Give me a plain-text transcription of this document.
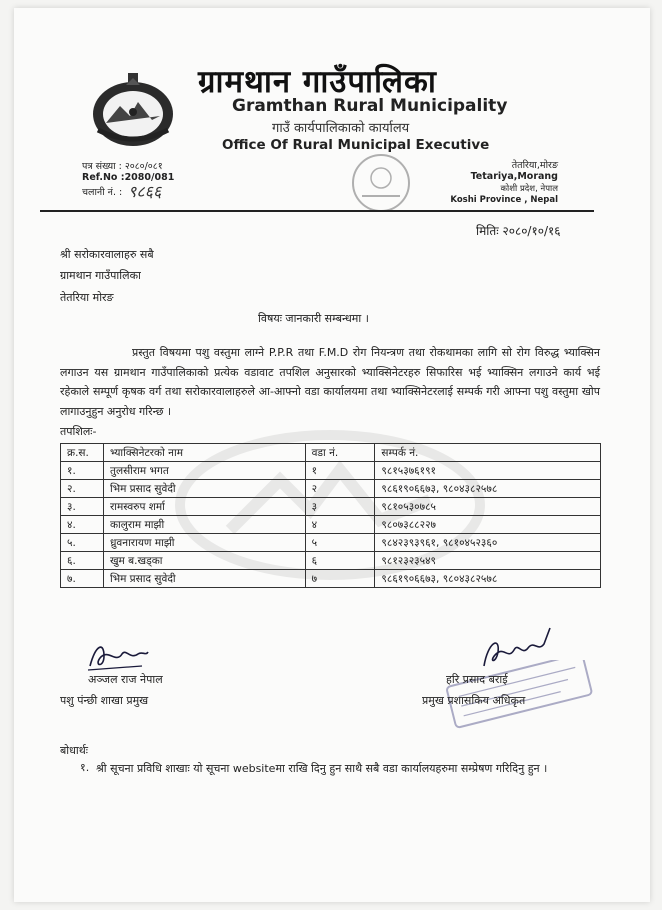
ग्रामथान गाउँपालिका
Gramthan Rural Municipality
गाउँ कार्यपालिकाको कार्यालय
Office Of Rural Municipal Executive
पत्र संख्या : २०८०/०८१
Ref.No :2080/081
चलानी नं. : ९८६६
तेतरिया,मोरङ
Tetariya,Morang
कोशी प्रदेश, नेपाल
Koshi Province , Nepal
मितिः २०८०/१०/१६
श्री सरोकारवालाहरु सबै
ग्रामथान गाउँपालिका
तेतरिया मोरङ
विषयः जानकारी सम्बन्धमा ।

प्रस्तुत विषयमा पशु वस्तुमा लाग्ने P.P.R तथा F.M.D रोग नियन्त्रण तथा रोकथामका लागि सो रोग विरुद्ध भ्याक्सिन लगाउन यस ग्रामथान गाउँपालिकाको प्रत्येक वडावाट तपशिल अनुसारको भ्याक्सिनेटरहरु सिफारिस भई भ्याक्सिन लगाउने कार्य भई रहेकाले सम्पूर्ण कृषक वर्ग तथा सरोकारवालाहरुले आ-आफ्नो वडा कार्यालयमा तथा भ्याक्सिनेटरलाई सम्पर्क गरी आफ्ना पशु वस्तुमा खोप लागाउनुहुन अनुरोध गरिन्छ ।

तपशिलः-
क्र.स.	भ्याक्सिनेटरको नाम	वडा नं.	सम्पर्क नं.
१.	तुलसीराम भगत	१	९८१५३७६१९१
२.	भिम प्रसाद सुवेदी	२	९८६१९०६६७३, ९८०४३८२५७८
३.	रामस्वरुप शर्मा	३	९८१०५३०७८५
४.	कालुराम माझी	४	९८०७३८८२२७
५.	ध्रुवनारायण माझी	५	९८४२३९३९६१, ९८१०४५२३६०
६.	खुम ब.खड्का	६	९८१२३२३५४९
७.	भिम प्रसाद सुवेदी	७	९८६१९०६६७३, ९८०४३८२५७८
अञ्जल राज नेपाल
पशु पंन्छी शाखा प्रमुख
हरि प्रसाद बराई
प्रमुख प्रशासकिय अधिकृत
बोधार्थः
१. श्री सूचना प्रविधि शाखाः यो सूचना websiteमा राखि दिनु हुन साथै सबै वडा कार्यालयहरुमा सम्प्रेषण गरिदिनु हुन ।
